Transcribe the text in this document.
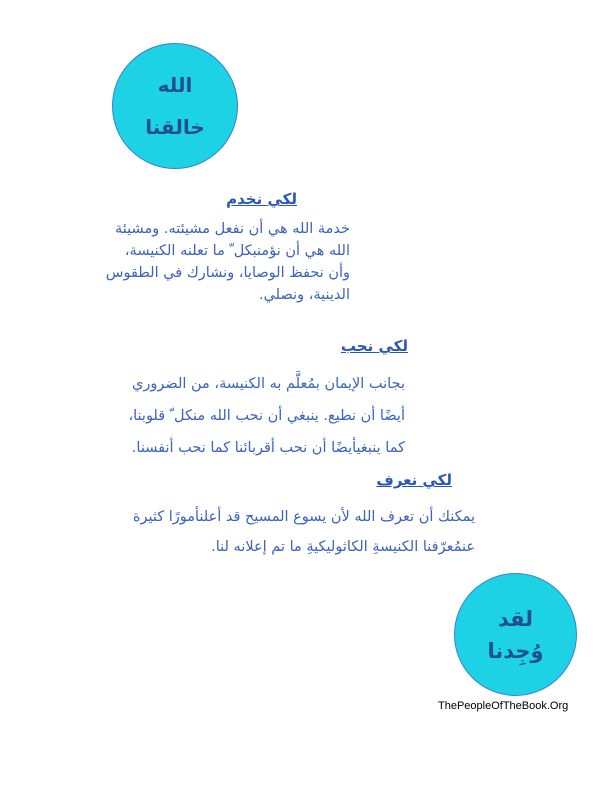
الله
خالقنا
لكي نخدم
خدمة الله هي أن نفعل مشيئته. ومشيئة
الله هي أن نؤمنبكل ّ ما تعلنه الكنيسة،
وأن نحفظ الوصايا، ونشارك في الطقوس
الدينية، ونصلي.
لكي نحب
بجانب الإيمان بمُعلَّم به الكنيسة، من الضروري
أيضًا أن نطيع. ينبغي أن نحب الله منكل ّ قلوبنا،
كما ينبغيأيضًا أن نحب أقربائنا كما نحب أنفسنا.
لكي نعرف
يمكنك أن تعرف الله لأن يسوع المسيح قد أعلنأمورًا كثيرة
عنمُعرّفنا الكنيسةِ الكاثوليكيةِ ما تم إعلانه لنا.
لقد
وُجِدنا
ThePeopleOfTheBook.Org
